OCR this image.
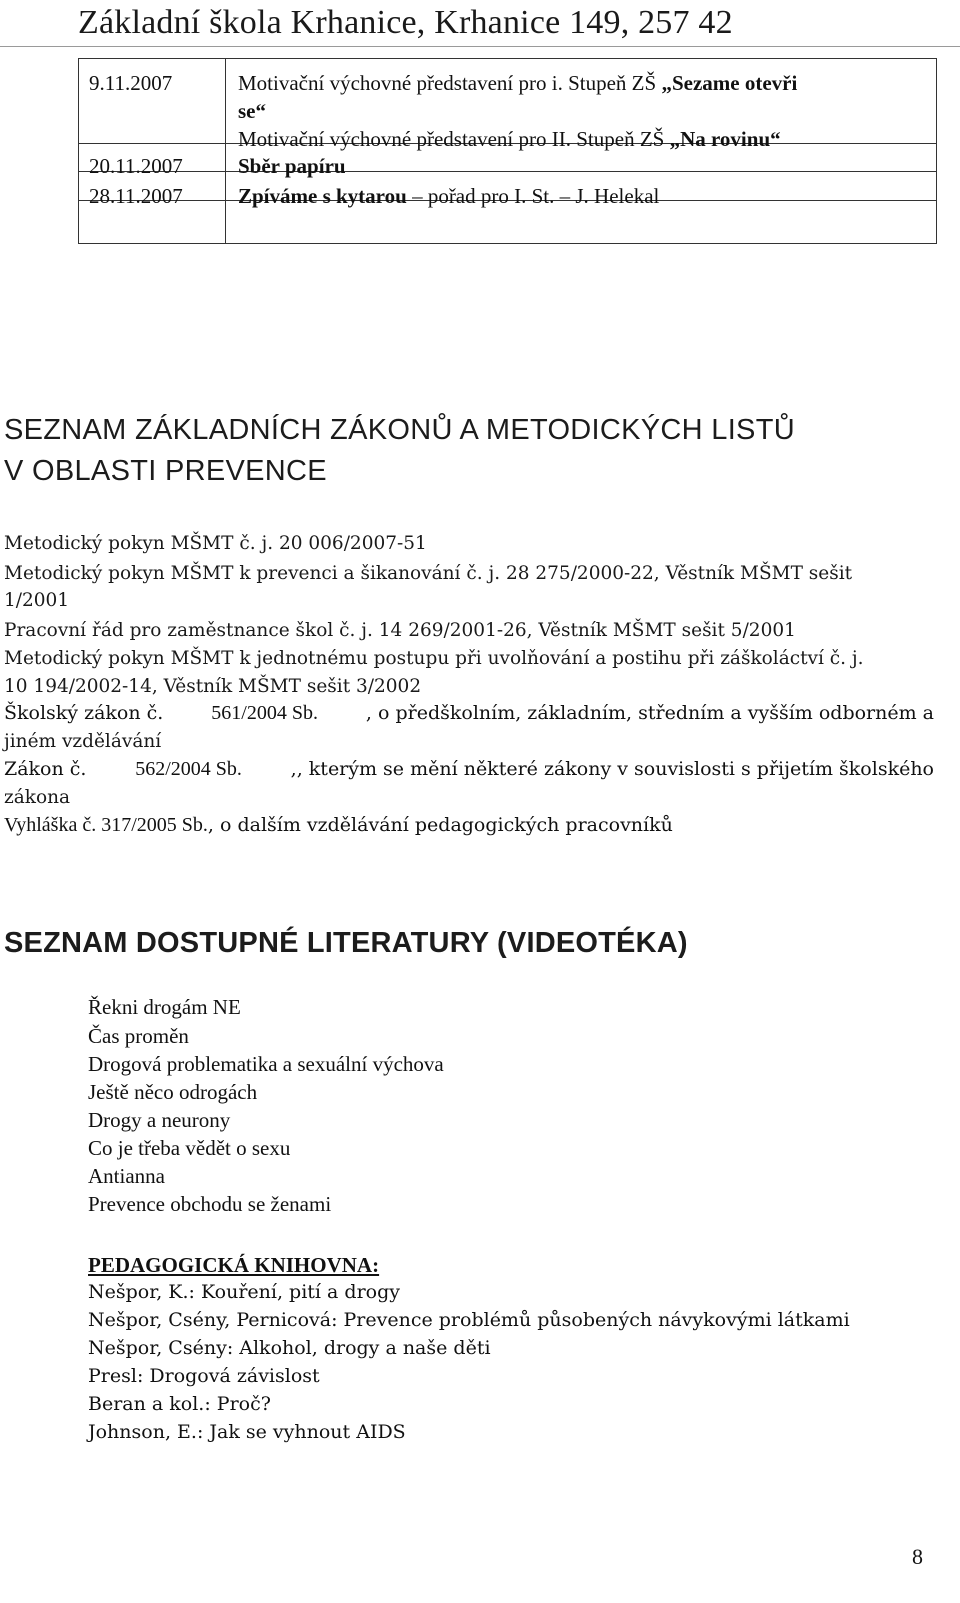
Základní škola Krhanice, Krhanice 149, 257 42
9.11.2007	Motivační výchovné představení pro i. Stupeň ZŠ „Sezame otevři
se“
Motivační výchovné představení pro II. Stupeň ZŠ „Na rovinu“
20.11.2007	Sběr papíru
28.11.2007	Zpíváme s kytarou – pořad pro I. St. – J. Helekal
SEZNAM ZÁKLADNÍCH ZÁKONŮ A METODICKÝCH LISTŮ
V OBLASTI PREVENCE
Metodický pokyn MŠMT č. j. 20 006/2007-51
Metodický pokyn MŠMT k prevenci a šikanování č. j. 28 275/2000-22, Věstník MŠMT sešit
1/2001
Pracovní řád pro zaměstnance škol č. j. 14 269/2001-26, Věstník MŠMT sešit 5/2001
Metodický pokyn MŠMT k jednotnému postupu při uvolňování a postihu při záškoláctví č. j.
10 194/2002-14, Věstník MŠMT sešit 3/2002
Školský zákon č. 561/2004 Sb.	, o předškolním, základním, středním a vyšším odborném a
jiném vzdělávání
Zákon č. 562/2004 Sb.	,, kterým se mění některé zákony v souvislosti s přijetím školského
zákona
Vyhláška č. 317/2005 Sb., o dalším vzdělávání pedagogických pracovníků
SEZNAM DOSTUPNÉ LITERATURY (VIDEOTÉKA)
Řekni drogám NE
Čas proměn
Drogová problematika a sexuální výchova
Ještě něco odrogách
Drogy a neurony
Co je třeba vědět o sexu
Antianna
Prevence obchodu se ženami
PEDAGOGICKÁ KNIHOVNA:
Nešpor, K.: Kouření, pití a drogy
Nešpor, Csény, Pernicová: Prevence problémů působených návykovými látkami
Nešpor, Csény: Alkohol, drogy a naše děti
Presl: Drogová závislost
Beran a kol.: Proč?
Johnson, E.: Jak se vyhnout AIDS
8
